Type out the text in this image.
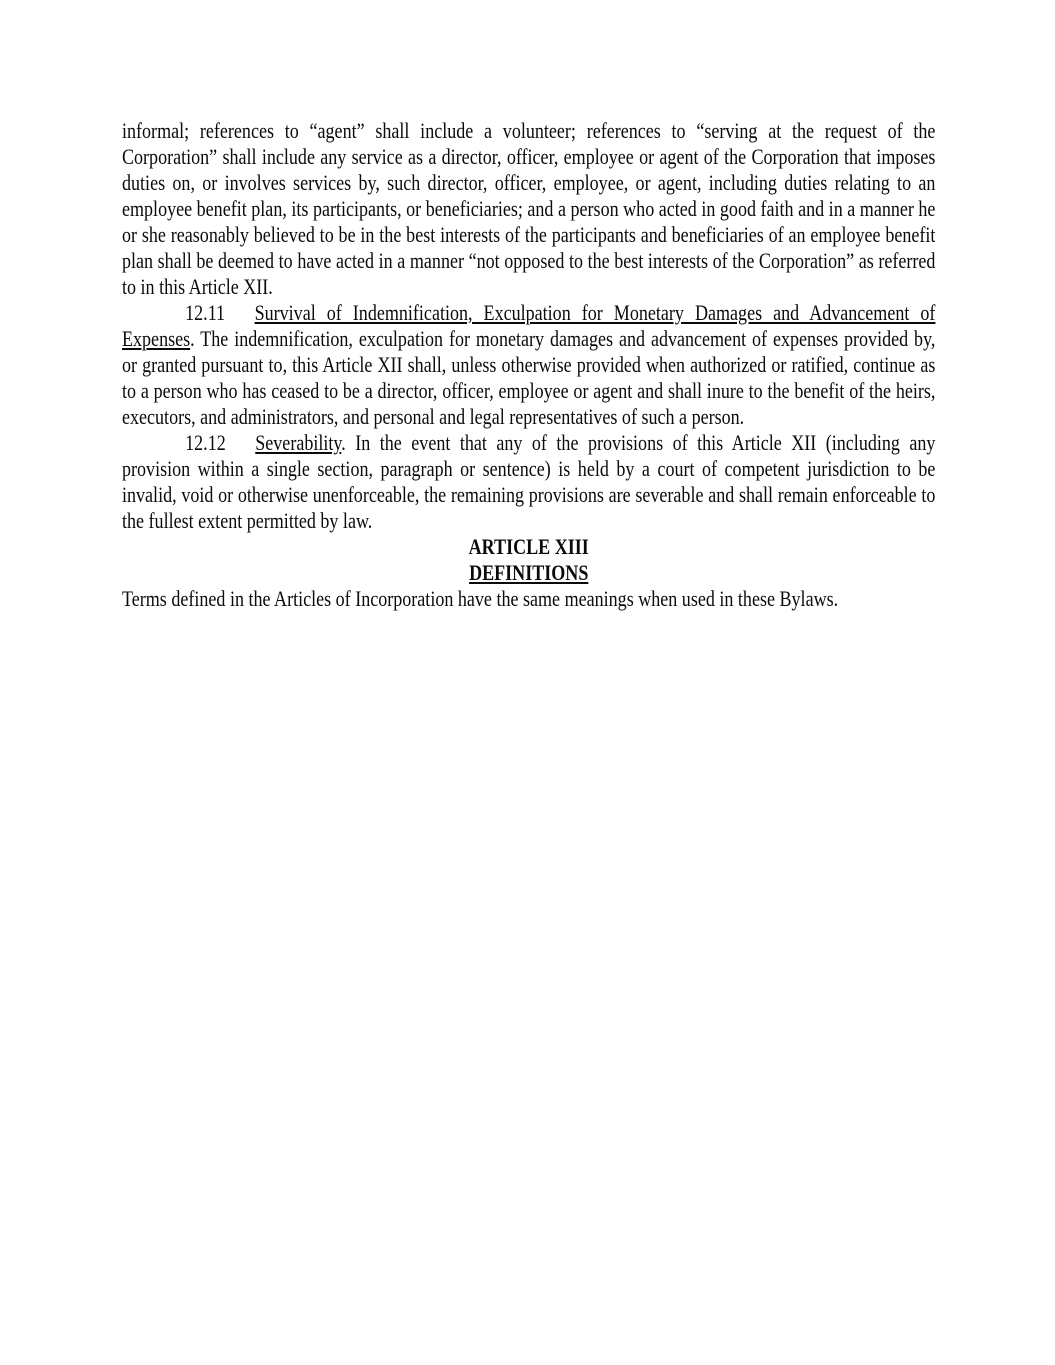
informal; references to “agent” shall include a volunteer; references to “serving at the request of the Corporation” shall include any service as a director, officer, employee or agent of the Corporation that imposes duties on, or involves services by, such director, officer, employee, or agent, including duties relating to an employee benefit plan, its participants, or beneficiaries; and a person who acted in good faith and in a manner he or she reasonably believed to be in the best interests of the participants and beneficiaries of an employee benefit plan shall be deemed to have acted in a manner “not opposed to the best interests of the Corporation” as referred to in this Article XII.

12.11 Survival of Indemnification, Exculpation for Monetary Damages and Advancement of Expenses. The indemnification, exculpation for monetary damages and advancement of expenses provided by, or granted pursuant to, this Article XII shall, unless otherwise provided when authorized or ratified, continue as to a person who has ceased to be a director, officer, employee or agent and shall inure to the benefit of the heirs, executors, and administrators, and personal and legal representatives of such a person.

12.12 Severability. In the event that any of the provisions of this Article XII (including any provision within a single section, paragraph or sentence) is held by a court of competent jurisdiction to be invalid, void or otherwise unenforceable, the remaining provisions are severable and shall remain enforceable to the fullest extent permitted by law.

ARTICLE XIII

DEFINITIONS

Terms defined in the Articles of Incorporation have the same meanings when used in these Bylaws.
